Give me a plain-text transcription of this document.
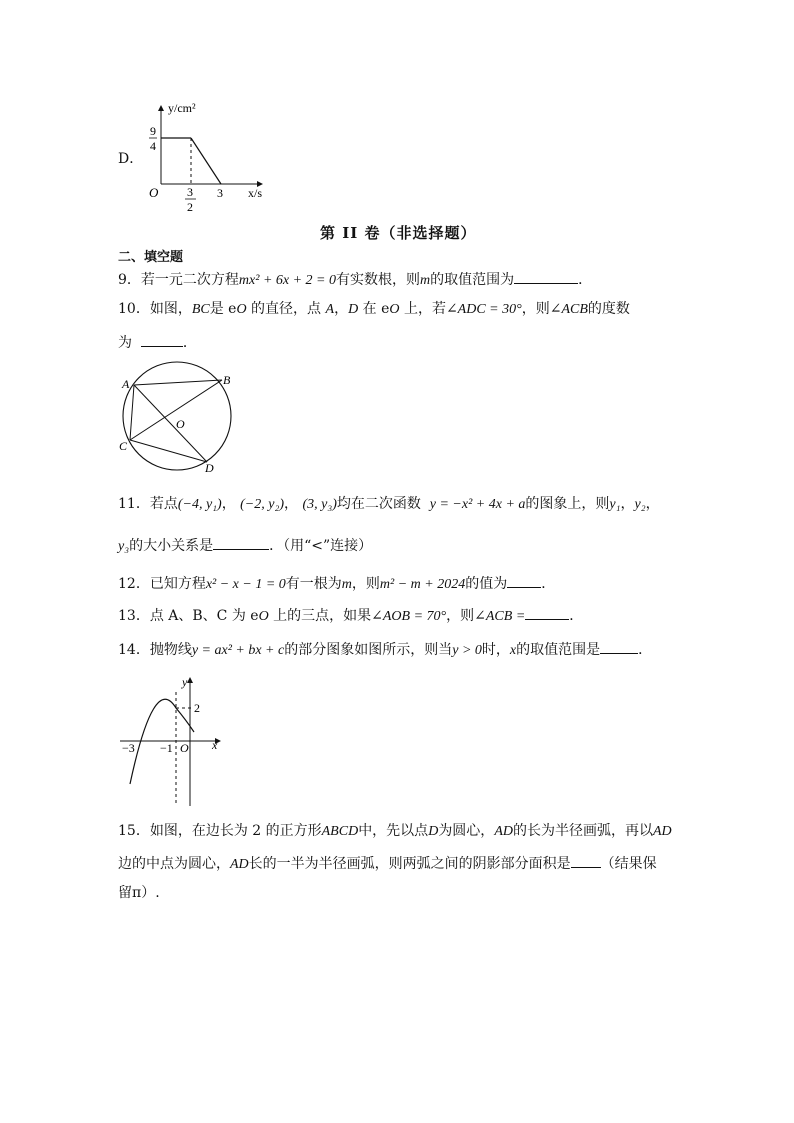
D．
y/cm²
9
4
O 3
2
3 x/s
第 II 卷（非选择题）
二、填空题
9．若一元二次方程mx² + 6x + 2 = 0有实数根，则m的取值范围为	．
10．如图，BC是 eO 的直径，点 A，D 在 eO 上，若∠ADC = 30°，则∠ACB的度数
为	．
A	B
C
D
O
11．若点(−4, y₁)， (−2, y₂)， (3, y₃)均在二次函数 y = −x² + 4x + a的图象上，则y₁，y₂，
y₃的大小关系是	．（用“<”连接）
12．已知方程x² − x − 1 = 0有一根为m，则m² − m + 2024的值为 ．
13．点 A、B、C 为 eO 上的三点，如果∠AOB = 70°，则∠ACB =	．
14．抛物线y = ax² + bx + c的部分图象如图所示，则当y > 0时，x的取值范围是	．
y
x
O
2
−3 −1
15．如图，在边长为 2 的正方形ABCD中，先以点D为圆心，AD的长为半径画弧，再以AD
边的中点为圆心，AD长的一半为半径画弧，则两弧之间的阴影部分面积是 （结果保
留π）.
